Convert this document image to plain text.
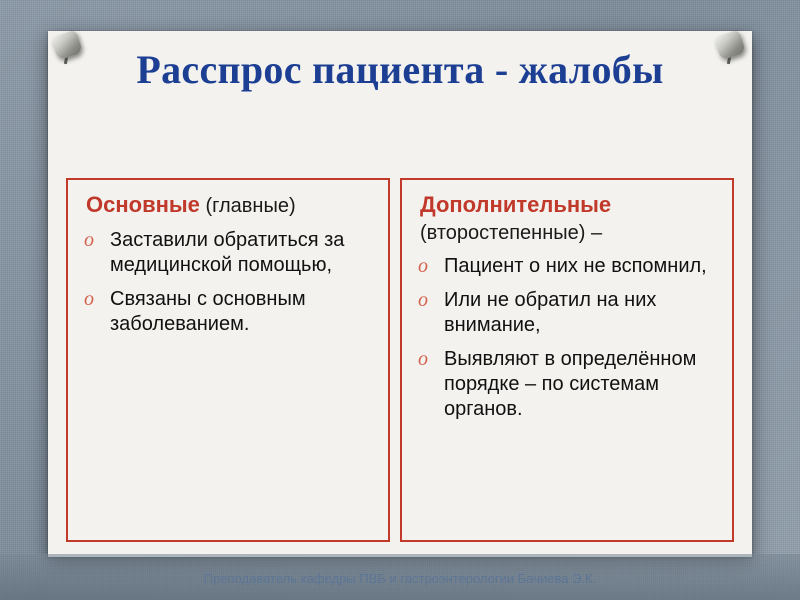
Расспрос пациента - жалобы
Основные (главные)
o Заставили обратиться за медицинской помощью,
o Связаны с основным заболеванием.
Дополнительные (второстепенные) –
o Пациент о них не вспомнил,
o Или не обратил на них внимание,
o Выявляют в определённом порядке – по системам органов.
Преподаватель кафедры ПВБ и гастроэнтерологии Бачиева Э.К.
